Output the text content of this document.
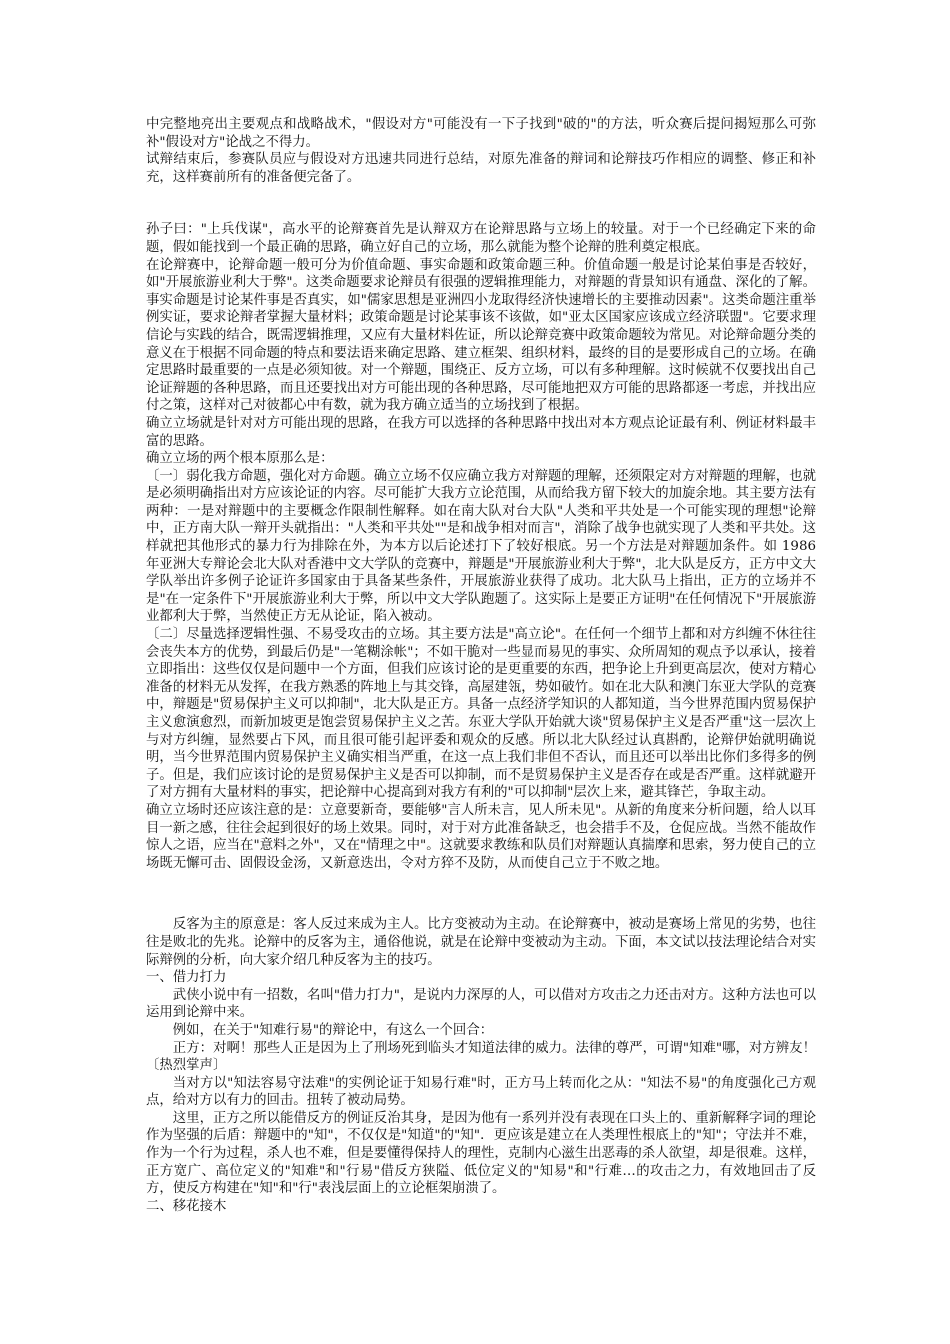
中完整地亮出主要观点和战略战术，"假设对方"可能没有一下子找到"破的"的方法，听众赛后提问揭短那么可弥补"假设对方"论战之不得力。

试辩结束后，参赛队员应与假设对方迅速共同进行总结，对原先准备的辩词和论辩技巧作相应的调整、修正和补充，这样赛前所有的准备便完备了。

孙子曰："上兵伐谋"，高水平的论辩赛首先是认辩双方在论辩思路与立场上的较量。对于一个已经确定下来的命题，假如能找到一个最正确的思路，确立好自己的立场，那么就能为整个论辩的胜利奠定根底。

在论辩赛中，论辩命题一般可分为价值命题、事实命题和政策命题三种。价值命题一般是讨论某伯事是否较好，如"开展旅游业利大于弊"。这类命题要求论辩员有很强的逻辑推理能力，对辩题的背景知识有通盘、深化的了解。事实命题是讨论某件事是否真实，如"儒家思想是亚洲四小龙取得经济快速增长的主要推动因素"。这类命题注重举例实证，要求论辩者掌握大量材料；政策命题是讨论某事该不该做，如"亚太区国家应该成立经济联盟"。它要求理信论与实践的结合，既需逻辑推理，又应有大量材料佐证，所以论辩竞赛中政策命题较为常见。对论辩命题分类的意义在于根据不同命题的特点和要法语来确定思路、建立框架、组织材料，最终的目的是要形成自己的立场。在确定思路时最重要的一点是必须知彼。对一个辩题，围绕正、反方立场，可以有多种理解。这时候就不仅要找出自己论证辩题的各种思路，而且还要找出对方可能出现的各种思路，尽可能地把双方可能的思路都逐一考虑，并找出应付之策，这样对己对彼都心中有数，就为我方确立适当的立场找到了根据。

确立立场就是针对对方可能出现的思路，在我方可以选择的各种思路中找出对本方观点论证最有利、例证材料最丰富的思路。

确立立场的两个根本原那么是：

〔一〕弱化我方命题，强化对方命题。确立立场不仅应确立我方对辩题的理解，还须限定对方对辩题的理解，也就是必须明确指出对方应该论证的内容。尽可能扩大我方立论范围，从而给我方留下较大的加旋余地。其主要方法有两种：一是对辩题中的主要概念作限制性解释。如在南大队对台大队"人类和平共处是一个可能实现的理想"论辩中，正方南大队一辩开头就指出："人类和平共处""是和战争相对而言"，消除了战争也就实现了人类和平共处。这样就把其他形式的暴力行为排除在外，为本方以后论述打下了较好根底。另一个方法是对辩题加条件。如 1986 年亚洲大专辩论会北大队对香港中文大学队的竞赛中，辩题是"开展旅游业利大于弊"，北大队是反方，正方中文大学队举出许多例子论证许多国家由于具备某些条件，开展旅游业获得了成功。北大队马上指出，正方的立场并不是"在一定条件下"开展旅游业利大于弊，所以中文大学队跑题了。这实际上是要正方证明"在任何情况下"开展旅游业都利大于弊，当然使正方无从论证，陷入被动。

〔二〕尽量选择逻辑性强、不易受攻击的立场。其主要方法是"高立论"。在任何一个细节上都和对方纠缠不休往往会丧失本方的优势，到最后仍是"一笔糊涂帐"；不如干脆对一些显而易见的事实、众所周知的观点予以承认，接着立即指出：这些仅仅是问题中一个方面，但我们应该讨论的是更重要的东西，把争论上升到更高层次，使对方精心准备的材料无从发挥，在我方熟悉的阵地上与其交锋，高屋建瓴，势如破竹。如在北大队和澳门东亚大学队的竞赛中，辩题是"贸易保护主义可以抑制"，北大队是正方。具备一点经济学知识的人都知道，当今世界范围内贸易保护主义愈演愈烈，而新加坡更是饱尝贸易保护主义之苦。东亚大学队开始就大谈"贸易保护主义是否严重"这一层次上与对方纠缠，显然要占下风，而且很可能引起评委和观众的反感。所以北大队经过认真斟酌，论辩伊始就明确说明，当今世界范围内贸易保护主义确实相当严重，在这一点上我们非但不否认，而且还可以举出比你们多得多的例子。但是，我们应该讨论的是贸易保护主义是否可以抑制，而不是贸易保护主义是否存在或是否严重。这样就避开了对方拥有大量材料的事实，把论辩中心提高到对我方有利的"可以抑制"层次上来，避其锋芒，争取主动。

确立立场时还应该注意的是：立意要新奇，要能够"言人所未言，见人所未见"。从新的角度来分析问题，给人以耳目一新之感，往往会起到很好的场上效果。同时，对于对方此准备缺乏，也会措手不及，仓促应战。当然不能故作惊人之语，应当在"意料之外"，又在"情理之中"。这就要求教练和队员们对辩题认真揣摩和思索，努力使自己的立场既无懈可击、固假设金汤，又新意迭出，令对方猝不及防，从而使自己立于不败之地。

反客为主的原意是：客人反过来成为主人。比方变被动为主动。在论辩赛中，被动是赛场上常见的劣势，也往往是败北的先兆。论辩中的反客为主，通俗他说，就是在论辩中变被动为主动。下面，本文试以技法理论结合对实际辩例的分析，向大家介绍几种反客为主的技巧。

一、借力打力

武侠小说中有一招数，名叫"借力打力"，是说内力深厚的人，可以借对方攻击之力还击对方。这种方法也可以运用到论辩中来。

例如，在关于"知难行易"的辩论中，有这么一个回合：

正方：对啊！那些人正是因为上了刑场死到临头才知道法律的威力。法律的尊严，可谓"知难"哪，对方辨友！〔热烈掌声〕

当对方以"知法容易守法难"的实例论证于知易行难"时，正方马上转而化之从："知法不易"的角度强化己方观点，给对方以有力的回击。扭转了被动局势。

这里，正方之所以能借反方的例证反治其身，是因为他有一系列并没有表现在口头上的、重新解释字词的理论作为坚强的后盾：辩题中的"知"，不仅仅是"知道"的"知"．更应该是建立在人类理性根底上的"知"；守法并不难，作为一个行为过程，杀人也不难，但是要懂得保持人的理性，克制内心滋生出恶毒的杀人欲望，却是很难。这样，正方宽广、高位定义的"知难"和"行易"借反方狭隘、低位定义的"知易"和"行难…的攻击之力，有效地回击了反方，使反方构建在"知"和"行"表浅层面上的立论框架崩溃了。

二、移花接木
